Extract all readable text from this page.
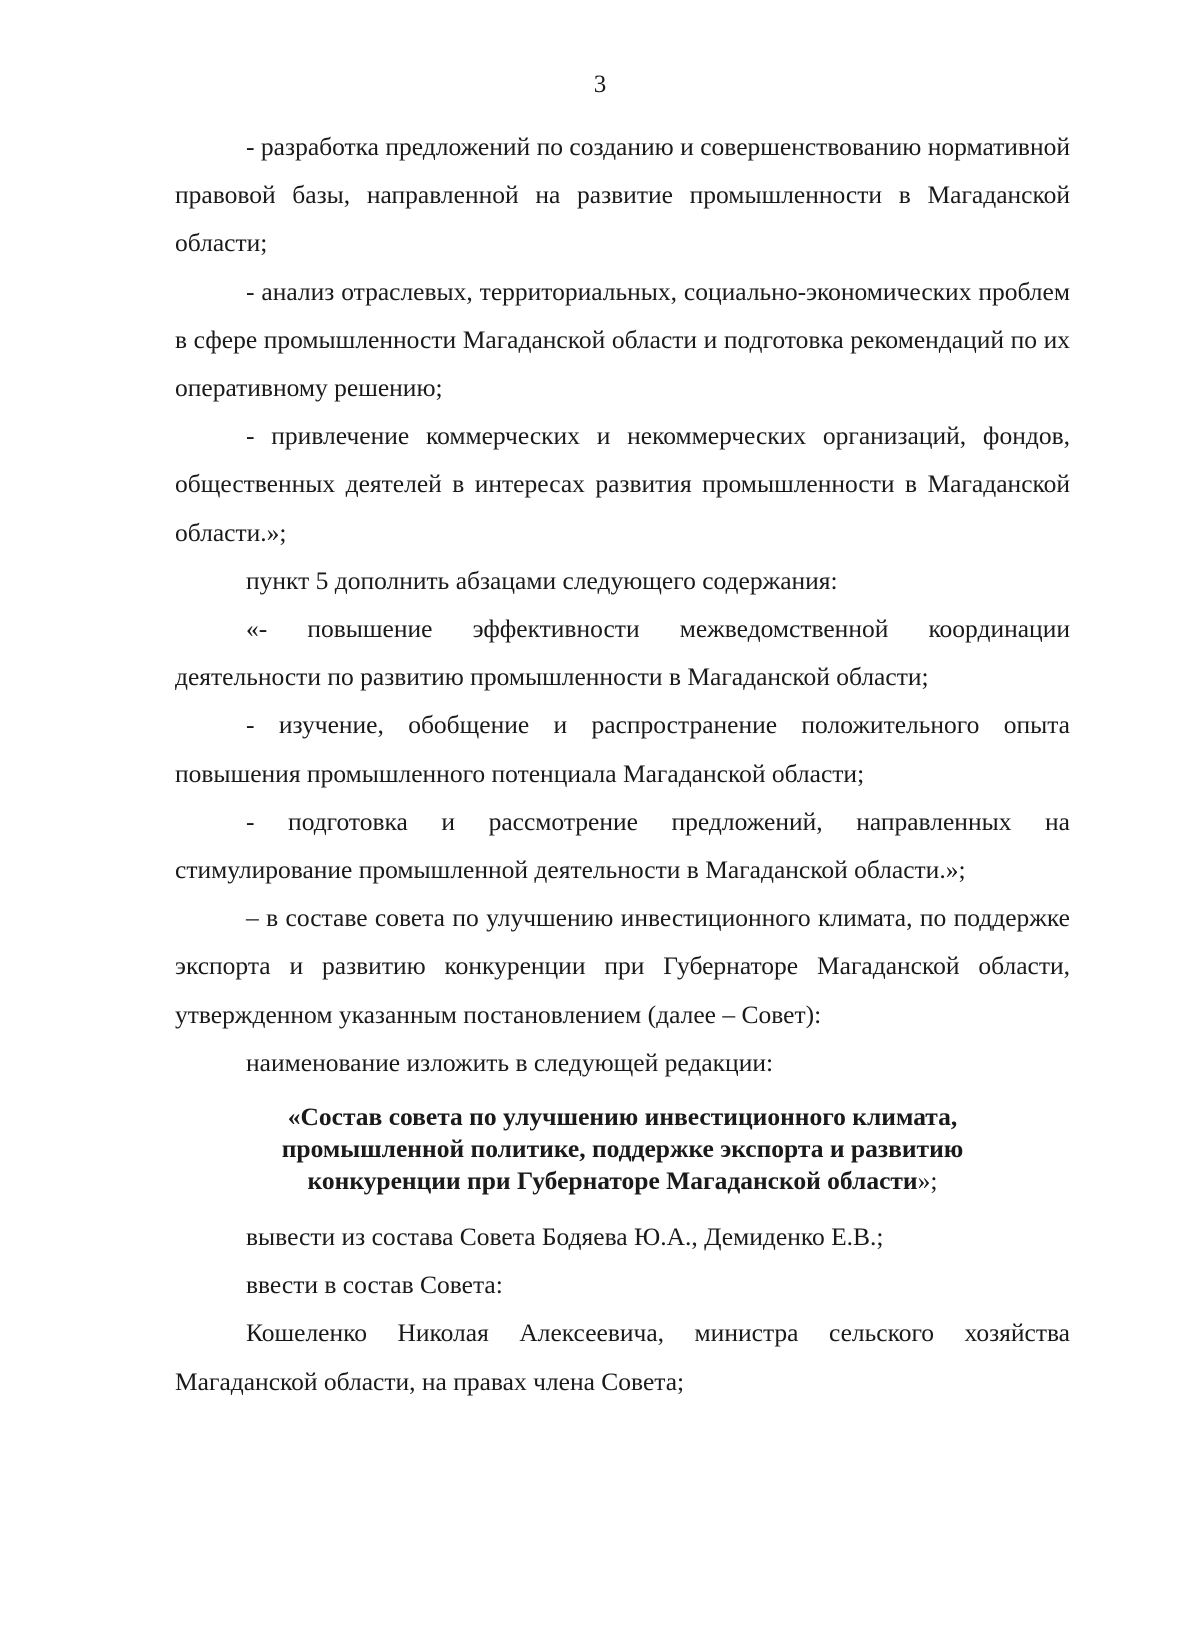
3

- разработка предложений по созданию и совершенствованию нормативной правовой базы, направленной на развитие промышленности в Магаданской области;

- анализ отраслевых, территориальных, социально-экономических проблем в сфере промышленности Магаданской области и подготовка рекомендаций по их оперативному решению;

- привлечение коммерческих и некоммерческих организаций, фондов, общественных деятелей в интересах развития промышленности в Магаданской области.»;

пункт 5 дополнить абзацами следующего содержания:

«- повышение эффективности межведомственной координации деятельности по развитию промышленности в Магаданской области;

- изучение, обобщение и распространение положительного опыта повышения промышленного потенциала Магаданской области;

- подготовка и рассмотрение предложений, направленных на стимулирование промышленной деятельности в Магаданской области.»;

– в составе совета по улучшению инвестиционного климата, по поддержке экспорта и развитию конкуренции при Губернаторе Магаданской области, утвержденном указанным постановлением (далее – Совет):

наименование изложить в следующей редакции:

«Состав совета по улучшению инвестиционного климата,
промышленной политике, поддержке экспорта и развитию
конкуренции при Губернаторе Магаданской области»;

вывести из состава Совета Бодяева Ю.А., Демиденко Е.В.;

ввести в состав Совета:

Кошеленко Николая Алексеевича, министра сельского хозяйства Магаданской области, на правах члена Совета;
